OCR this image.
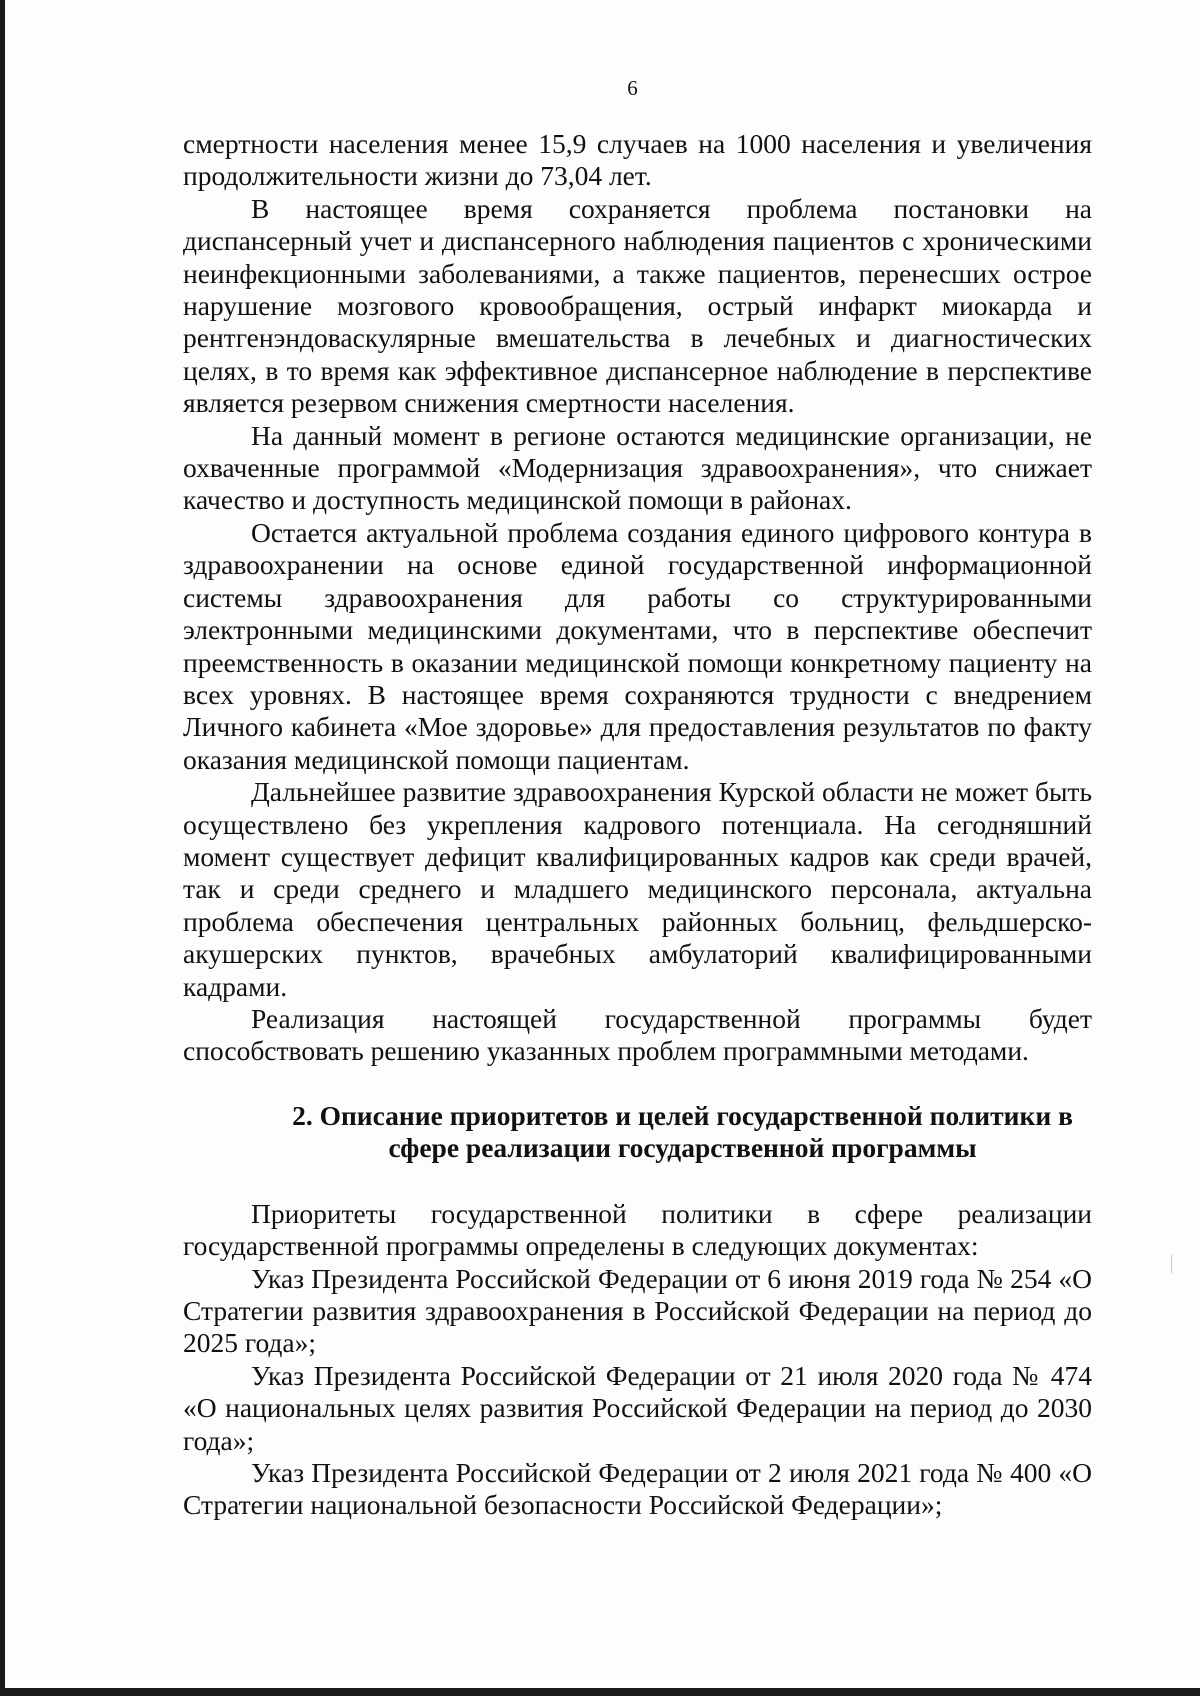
6

смертности населения менее 15,9 случаев на 1000 населения и увеличения продолжительности жизни до 73,04 лет.

В настоящее время сохраняется проблема постановки на диспансерный учет и диспансерного наблюдения пациентов с хроническими неинфекционными заболеваниями, а также пациентов, перенесших острое нарушение мозгового кровообращения, острый инфаркт миокарда и рентгенэндоваскулярные вмешательства в лечебных и диагностических целях, в то время как эффективное диспансерное наблюдение в перспективе является резервом снижения смертности населения.

На данный момент в регионе остаются медицинские организации, не охваченные программой «Модернизация здравоохранения», что снижает качество и доступность медицинской помощи в районах.

Остается актуальной проблема создания единого цифрового контура в здравоохранении на основе единой государственной информационной системы здравоохранения для работы со структурированными электронными медицинскими документами, что в перспективе обеспечит преемственность в оказании медицинской помощи конкретному пациенту на всех уровнях. В настоящее время сохраняются трудности с внедрением Личного кабинета «Мое здоровье» для предоставления результатов по факту оказания медицинской помощи пациентам.

Дальнейшее развитие здравоохранения Курской области не может быть осуществлено без укрепления кадрового потенциала. На сегодняшний момент существует дефицит квалифицированных кадров как среди врачей, так и среди среднего и младшего медицинского персонала, актуальна проблема обеспечения центральных районных больниц, фельдшерско-акушерских пунктов, врачебных амбулаторий квалифицированными кадрами.

Реализация настоящей государственной программы будет способствовать решению указанных проблем программными методами.

2. Описание приоритетов и целей государственной политики в
сфере реализации государственной программы

Приоритеты государственной политики в сфере реализации государственной программы определены в следующих документах:

Указ Президента Российской Федерации от 6 июня 2019 года № 254 «О Стратегии развития здравоохранения в Российской Федерации на период до 2025 года»;

Указ Президента Российской Федерации от 21 июля 2020 года № 474 «О национальных целях развития Российской Федерации на период до 2030 года»;

Указ Президента Российской Федерации от 2 июля 2021 года № 400 «О Стратегии национальной безопасности Российской Федерации»;
